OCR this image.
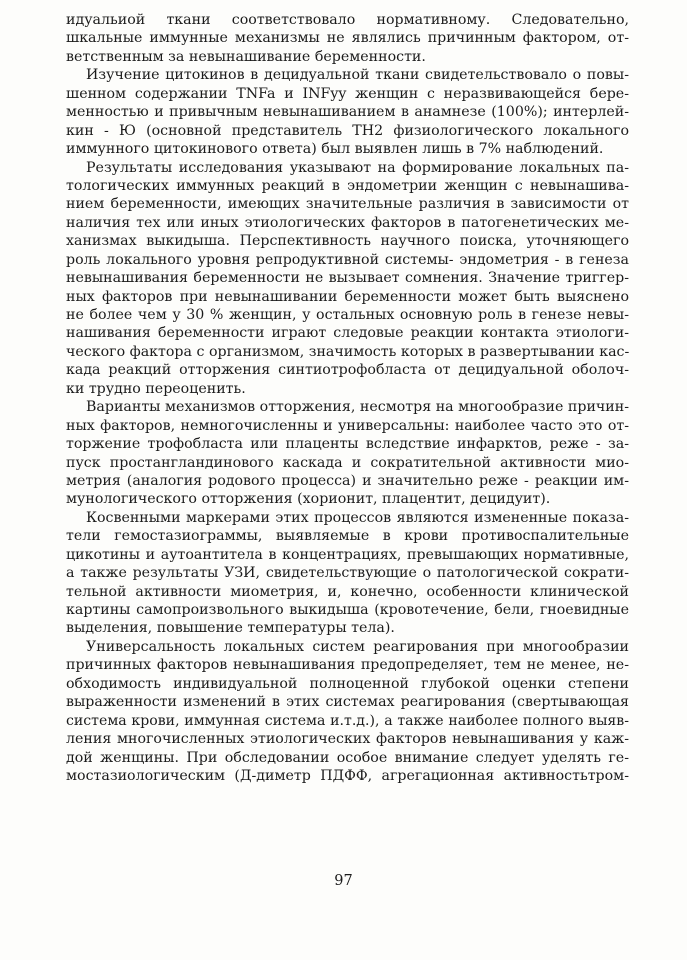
идуальиой ткани соответствовало нормативному. Следовательно,
шкальные иммунные механизмы не являлись причинным фактором, от-
ветственным за невынашивание беременности.
Изучение цитокинов в децидуальной ткани свидетельствовало о повы-
шенном содержании TNFa и INFyy женщин с неразвивающейся бере-
менностью и привычным невынашиванием в анамнезе (100%); интерлей-
кин - Ю (основной представитель ТН2 физиологического локального
иммунного цитокинового ответа) был выявлен лишь в 7% наблюдений.
Результаты исследования указывают на формирование локальных па-
тологических иммунных реакций в эндометрии женщин с невынашива-
нием беременности, имеющих значительные различия в зависимости от
наличия тех или иных этиологических факторов в патогенетических ме-
ханизмах выкидыша. Перспективность научного поиска, уточняющего
роль локального уровня репродуктивной системы- эндометрия - в генеза
невынашивания беременности не вызывает сомнения. Значение триггер-
ных факторов при невынашивании беременности может быть выяснено
не более чем у 30 % женщин, у остальных основную роль в генезе невы-
нашивания беременности играют следовые реакции контакта этиологи-
ческого фактора с организмом, значимость которых в развертывании кас-
када реакций отторжения синтиотрофобласта от децидуальной оболоч-
ки трудно переоценить.
Варианты механизмов отторжения, несмотря на многообразие причин-
ных факторов, немногочисленны и универсальны: наиболее часто это от-
торжение трофобласта или плаценты вследствие инфарктов, реже - за-
пуск простангландинового каскада и сократительной активности мио-
метрия (аналогия родового процесса) и значительно реже - реакции им-
мунологического отторжения (хорионит, плацентит, децидуит).
Косвенными маркерами этих процессов являются измененные показа-
тели гемостазиограммы, выявляемые в крови противоспалительные
цикотины и аутоантитела в концентрациях, превышающих нормативные,
а также результаты УЗИ, свидетельствующие о патологической сократи-
тельной активности миометрия, и, конечно, особенности клинической
картины самопроизвольного выкидыша (кровотечение, бели, гноевидные
выделения, повышение температуры тела).
Универсальность локальных систем реагирования при многообразии
причинных факторов невынашивания предопределяет, тем не менее, не-
обходимость индивидуальной полноценной глубокой оценки степени
выраженности изменений в этих системах реагирования (свертывающая
система крови, иммунная система и.т.д.), а также наиболее полного выяв-
ления многочисленных этиологических факторов невынашивания у каж-
дой женщины. При обследовании особое внимание следует уделять ге-
мостазиологическим (Д-диметр ПДФФ, агрегационная активностьтром-
97
